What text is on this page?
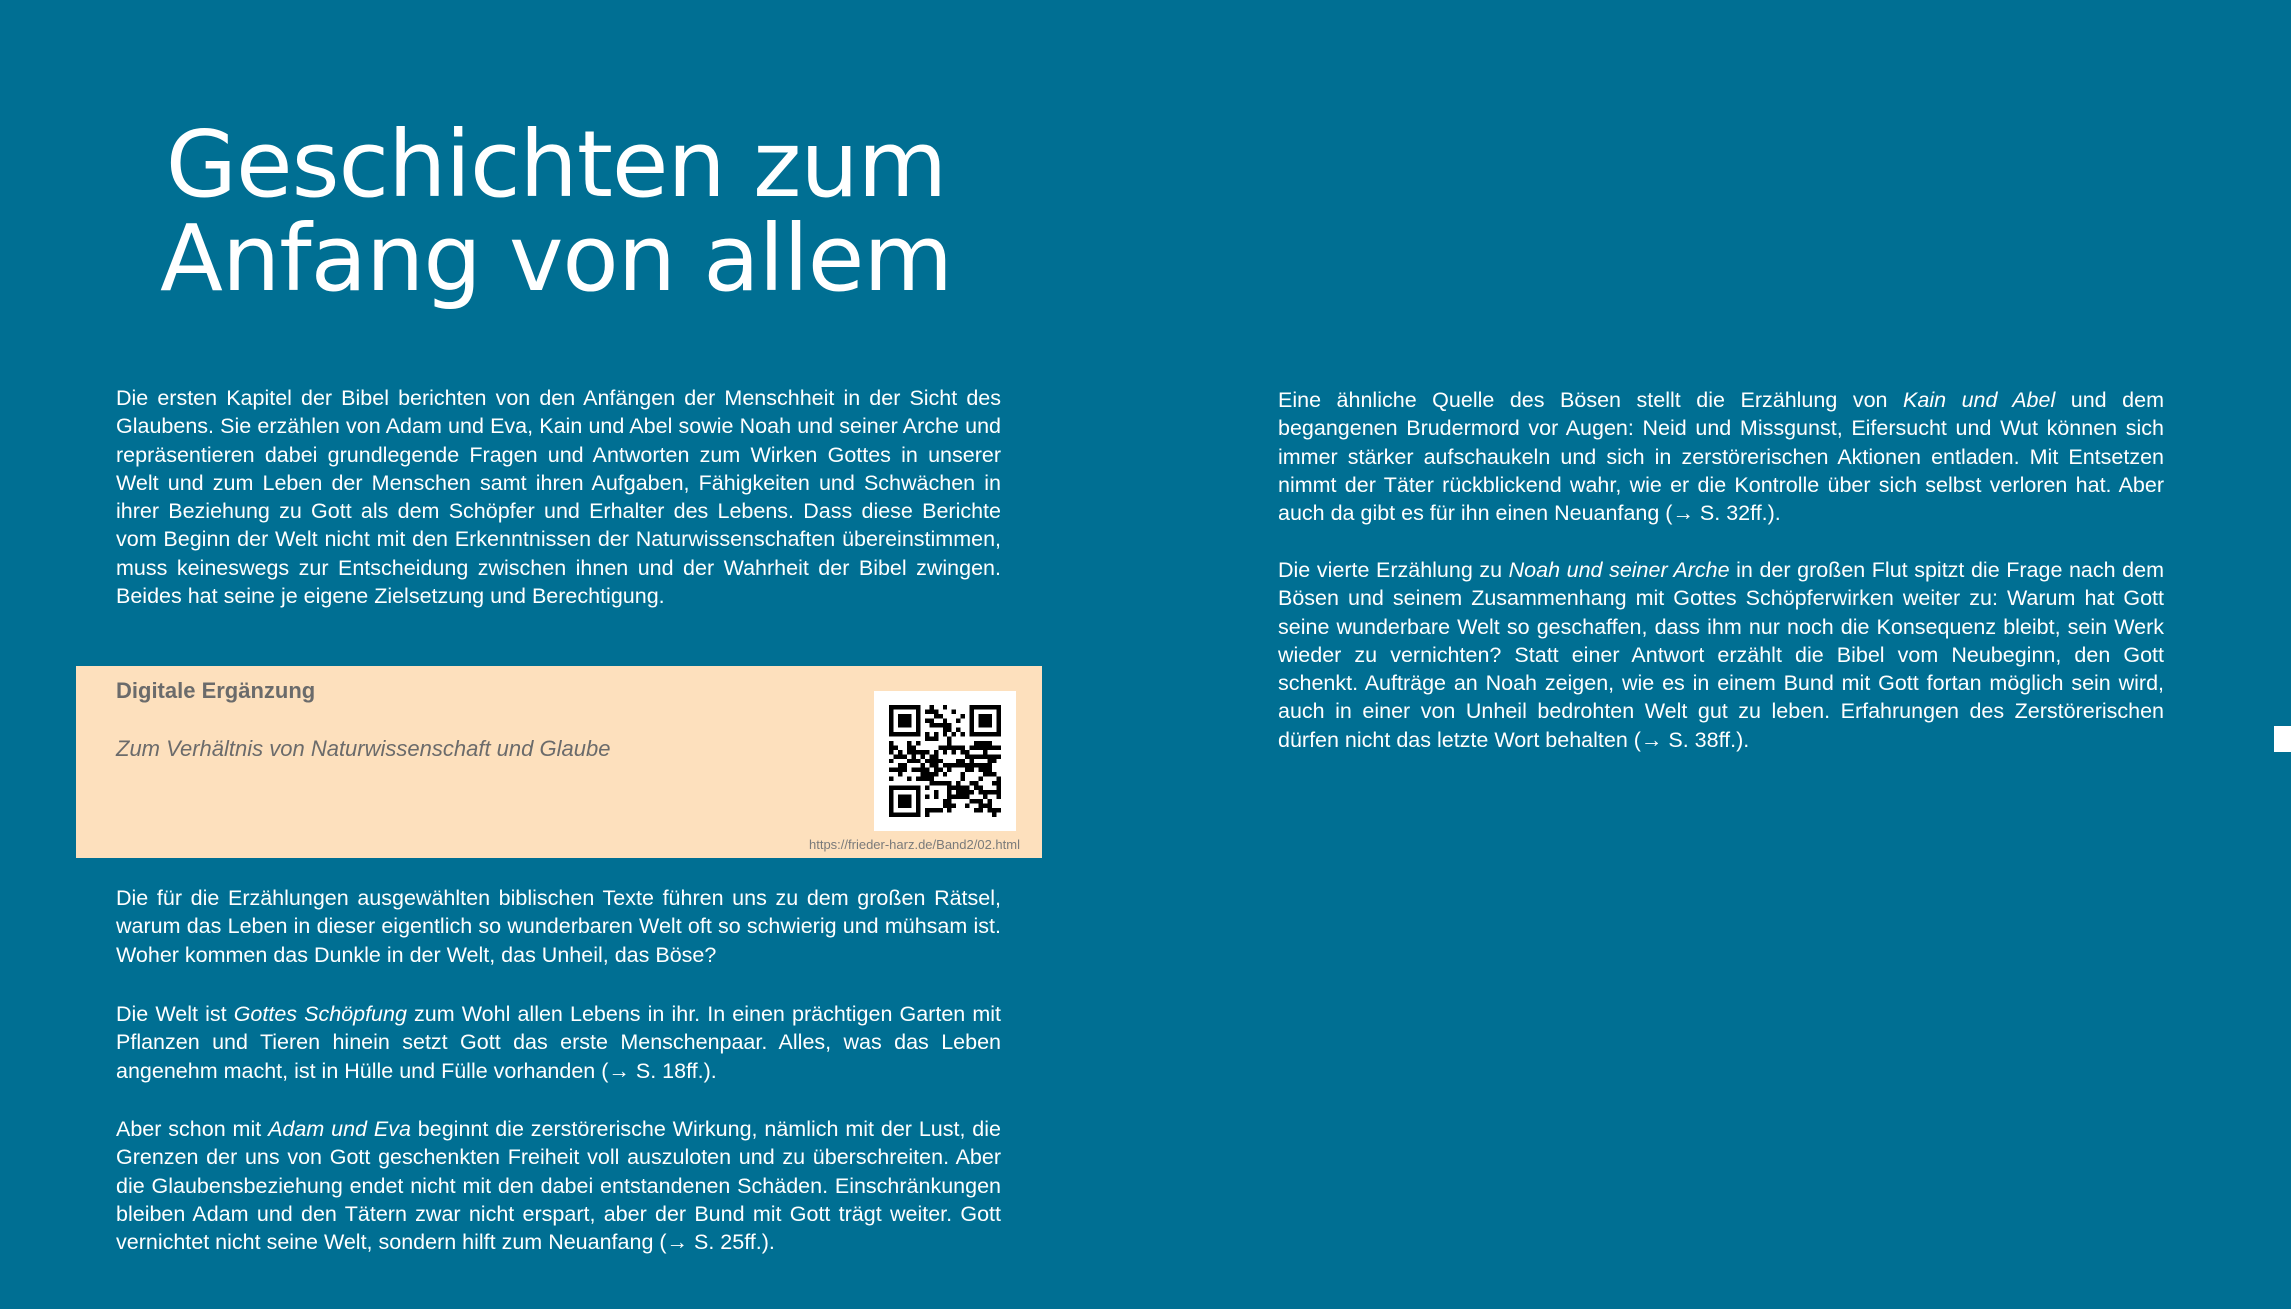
Geschichten zum
Anfang von allem

Die ersten Kapitel der Bibel berichten von den Anfängen der Menschheit in der Sicht des Glaubens. Sie erzählen von Adam und Eva, Kain und Abel sowie Noah und seiner Arche und repräsentieren dabei grundlegende Fragen und Antworten zum Wirken Gottes in unserer Welt und zum Leben der Menschen samt ihren Aufgaben, Fähigkeiten und Schwächen in ihrer Beziehung zu Gott als dem Schöpfer und Erhalter des Lebens. Dass diese Berichte vom Beginn der Welt nicht mit den Erkenntnissen der Naturwissenschaften übereinstimmen, muss keineswegs zur Entscheidung zwischen ihnen und der Wahrheit der Bibel zwingen. Beides hat seine je eigene Zielsetzung und Berechtigung.

Digitale Ergänzung

Zum Verhältnis von Naturwissenschaft und Glaube

https://frieder-harz.de/Band2/02.html

Die für die Erzählungen ausgewählten biblischen Texte führen uns zu dem großen Rätsel, warum das Leben in dieser eigentlich so wunderbaren Welt oft so schwierig und mühsam ist. Woher kommen das Dunkle in der Welt, das Unheil, das Böse?

Die Welt ist Gottes Schöpfung zum Wohl allen Lebens in ihr. In einen prächtigen Garten mit Pflanzen und Tieren hinein setzt Gott das erste Menschenpaar. Alles, was das Leben angenehm macht, ist in Hülle und Fülle vorhanden (→ S. 18ff.).

Aber schon mit Adam und Eva beginnt die zerstörerische Wirkung, nämlich mit der Lust, die Grenzen der uns von Gott geschenkten Freiheit voll auszuloten und zu überschreiten. Aber die Glaubensbeziehung endet nicht mit den dabei entstandenen Schäden. Einschränkungen bleiben Adam und den Tätern zwar nicht erspart, aber der Bund mit Gott trägt weiter. Gott vernichtet nicht seine Welt, sondern hilft zum Neuanfang (→ S. 25ff.).

Eine ähnliche Quelle des Bösen stellt die Erzählung von Kain und Abel und dem begangenen Brudermord vor Augen: Neid und Missgunst, Eifersucht und Wut können sich immer stärker aufschaukeln und sich in zerstörerischen Aktionen entladen. Mit Entsetzen nimmt der Täter rückblickend wahr, wie er die Kontrolle über sich selbst verloren hat. Aber auch da gibt es für ihn einen Neuanfang (→ S. 32ff.).

Die vierte Erzählung zu Noah und seiner Arche in der großen Flut spitzt die Frage nach dem Bösen und seinem Zusammenhang mit Gottes Schöpferwirken weiter zu: Warum hat Gott seine wunderbare Welt so geschaffen, dass ihm nur noch die Konsequenz bleibt, sein Werk wieder zu vernichten? Statt einer Antwort erzählt die Bibel vom Neubeginn, den Gott schenkt. Aufträge an Noah zeigen, wie es in einem Bund mit Gott fortan möglich sein wird, auch in einer von Unheil bedrohten Welt gut zu leben. Erfahrungen des Zerstörerischen dürfen nicht das letzte Wort behalten (→ S. 38ff.).
